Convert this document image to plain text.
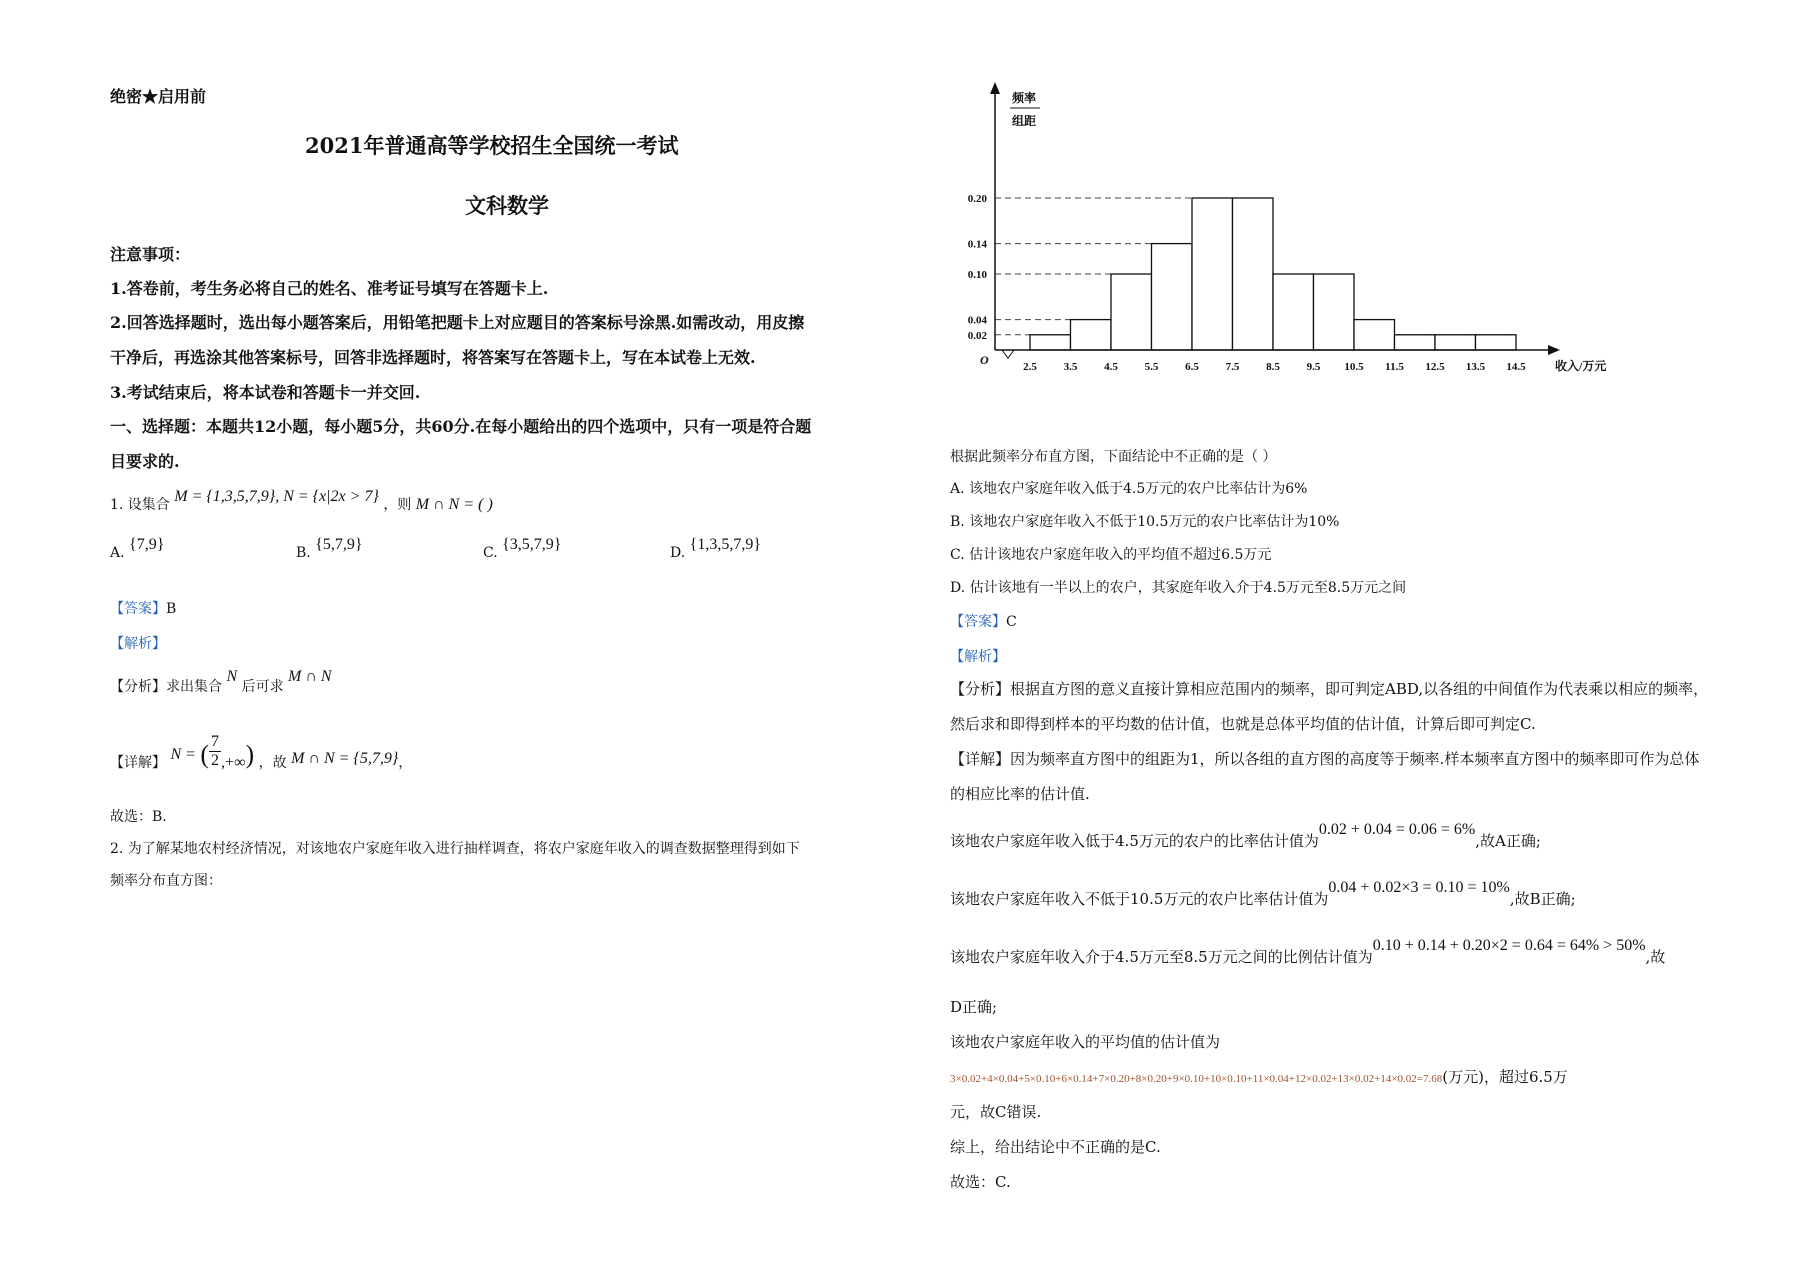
绝密★启用前
2021年普通高等学校招生全国统一考试
文科数学
注意事项：
1.答卷前，考生务必将自己的姓名、准考证号填写在答题卡上.
2.回答选择题时，选出每小题答案后，用铅笔把题卡上对应题目的答案标号涂黑.如需改动，用皮擦
干净后，再选涂其他答案标号，回答非选择题时，将答案写在答题卡上，写在本试卷上无效.
3.考试结束后，将本试卷和答题卡一并交回.
一、选择题：本题共12小题，每小题5分，共60分.在每小题给出的四个选项中，只有一项是符合题
目要求的.
1. 设集合 M = {1,3,5,7,9}, N = {x|2x > 7} ，则 M ∩ N = ( )
A. {7,9}	B. {5,7,9}	C. {3,5,7,9}	D. {1,3,5,7,9}
【答案】B
【解析】
【分析】求出集合 N 后可求 M ∩ N
【详解】 N = ( $\frac{7}{2}$ ,+∞) ，故 M ∩ N = {5,7,9}，
故选：B.
2. 为了解某地农村经济情况，对该地农户家庭年收入进行抽样调查，将农户家庭年收入的调查数据整理得到如下
频率分布直方图：
0.02
0.04
0.10
0.14
0.20
频率
组距
O	2.5 3.5 4.5 5.5 6.5 7.5 8.5 9.5 10.5 11.5 12.5 13.5 14.5 收入/万元
根据此频率分布直方图，下面结论中不正确的是（ ）
A. 该地农户家庭年收入低于4.5万元的农户比率估计为6%
B. 该地农户家庭年收入不低于10.5万元的农户比率估计为10%
C. 估计该地农户家庭年收入的平均值不超过6.5万元
D. 估计该地有一半以上的农户，其家庭年收入介于4.5万元至8.5万元之间
【答案】C
【解析】
【分析】根据直方图的意义直接计算相应范围内的频率，即可判定ABD,以各组的中间值作为代表乘以相应的频率，
然后求和即得到样本的平均数的估计值，也就是总体平均值的估计值，计算后即可判定C.
【详解】因为频率直方图中的组距为1，所以各组的直方图的高度等于频率.样本频率直方图中的频率即可作为总体
的相应比率的估计值.
该地农户家庭年收入低于4.5万元的农户的比率估计值为0.02 + 0.04 = 0.06 = 6%,故A正确;
该地农户家庭年收入不低于10.5万元的农户比率估计值为0.04 + 0.02×3 = 0.10 = 10%,故B正确;
该地农户家庭年收入介于4.5万元至8.5万元之间的比例估计值为0.10 + 0.14 + 0.20×2 = 0.64 = 64% > 50%,故
D正确;
该地农户家庭年收入的平均值的估计值为
3×0.02+4×0.04+5×0.10+6×0.14+7×0.20+8×0.20+9×0.10+10×0.10+11×0.04+12×0.02+13×0.02+14×0.02=7.68(万元)，超过6.5万
元，故C错误.
综上，给出结论中不正确的是C.
故选：C.
